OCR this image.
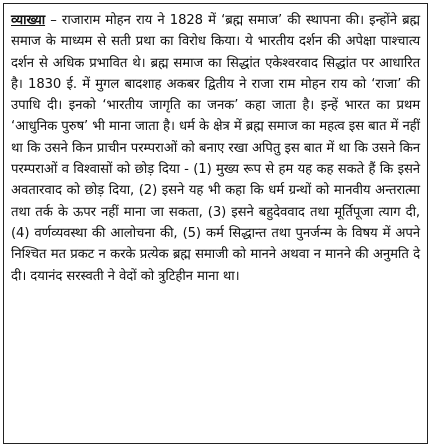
व्याख्या – राजाराम मोहन राय ने 1828 में ‘ब्रह्म समाज’ की स्थापना की। इन्होंने ब्रह्म समाज के माध्यम से सती प्रथा का विरोध किया। ये भारतीय दर्शन की अपेक्षा पाश्चात्य दर्शन से अधिक प्रभावित थे। ब्रह्म समाज का सिद्धांत एकेश्वरवाद सिद्धांत पर आधारित है। 1830 ई. में मुगल बादशाह अकबर द्वितीय ने राजा राम मोहन राय को ‘राजा’ की उपाधि दी। इनको ‘भारतीय जागृति का जनक’ कहा जाता है। इन्हें भारत का प्रथम ‘आधुनिक पुरुष’ भी माना जाता है। धर्म के क्षेत्र में ब्रह्म समाज का महत्व इस बात में नहीं था कि उसने किन प्राचीन परम्पराओं को बनाए रखा अपितु इस बात में था कि उसने किन परम्पराओं व विश्वासों को छोड़ दिया - (1) मुख्य रूप से हम यह कह सकते हैं कि इसने अवतारवाद को छोड़ दिया, (2) इसने यह भी कहा कि धर्म ग्रन्थों को मानवीय अन्तरात्मा तथा तर्क के ऊपर नहीं माना जा सकता, (3) इसने बहुदेववाद तथा मूर्तिपूजा त्याग दी, (4) वर्णव्यवस्था की आलोचना की, (5) कर्म सिद्धान्त तथा पुनर्जन्म के विषय में अपने निश्चित मत प्रकट न करके प्रत्येक ब्रह्म समाजी को मानने अथवा न मानने की अनुमति दे दी। दयानंद सरस्वती ने वेदों को त्रुटिहीन माना था।
